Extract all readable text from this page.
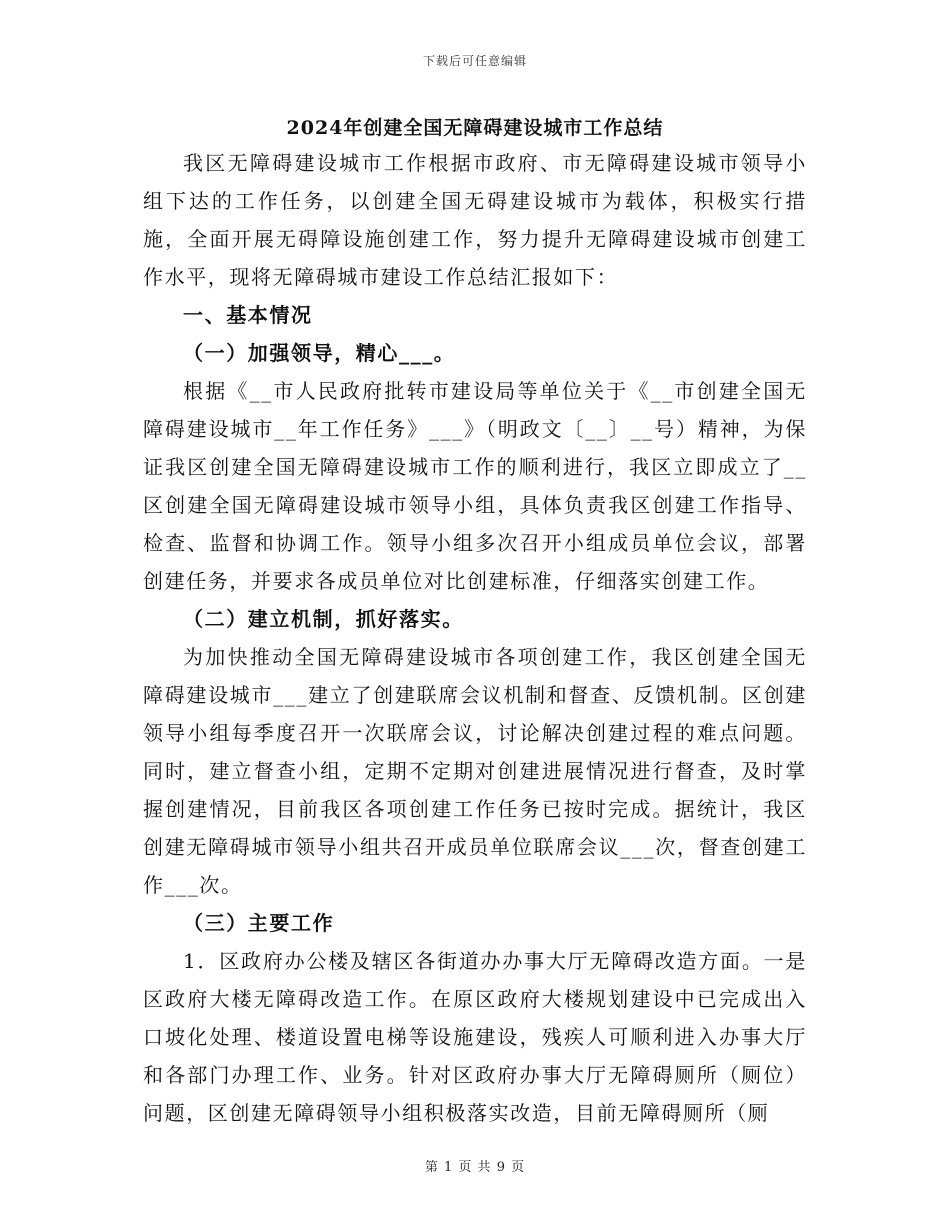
下载后可任意编辑
2024年创建全国无障碍建设城市工作总结

我区无障碍建设城市工作根据市政府、市无障碍建设城市领导小组下达的工作任务，以创建全国无碍建设城市为载体，积极实行措施，全面开展无碍障设施创建工作，努力提升无障碍建设城市创建工作水平，现将无障碍城市建设工作总结汇报如下：

一、基本情况

（一）加强领导，精心___。

根据《__市人民政府批转市建设局等单位关于《__市创建全国无障碍建设城市__年工作任务》___》（明政文〔__〕__号）精神，为保证我区创建全国无障碍建设城市工作的顺利进行，我区立即成立了__区创建全国无障碍建设城市领导小组，具体负责我区创建工作指导、检查、监督和协调工作。领导小组多次召开小组成员单位会议，部署创建任务，并要求各成员单位对比创建标准，仔细落实创建工作。

（二）建立机制，抓好落实。

为加快推动全国无障碍建设城市各项创建工作，我区创建全国无障碍建设城市___建立了创建联席会议机制和督查、反馈机制。区创建领导小组每季度召开一次联席会议，讨论解决创建过程的难点问题。同时，建立督查小组，定期不定期对创建进展情况进行督查，及时掌握创建情况，目前我区各项创建工作任务已按时完成。据统计，我区创建无障碍城市领导小组共召开成员单位联席会议___次，督查创建工作___次。

（三）主要工作

1．区政府办公楼及辖区各街道办办事大厅无障碍改造方面。一是区政府大楼无障碍改造工作。在原区政府大楼规划建设中已完成出入口坡化处理、楼道设置电梯等设施建设，残疾人可顺利进入办事大厅和各部门办理工作、业务。针对区政府办事大厅无障碍厕所（厕位）问题，区创建无障碍领导小组积极落实改造，目前无障碍厕所（厕

第 1 页 共 9 页
